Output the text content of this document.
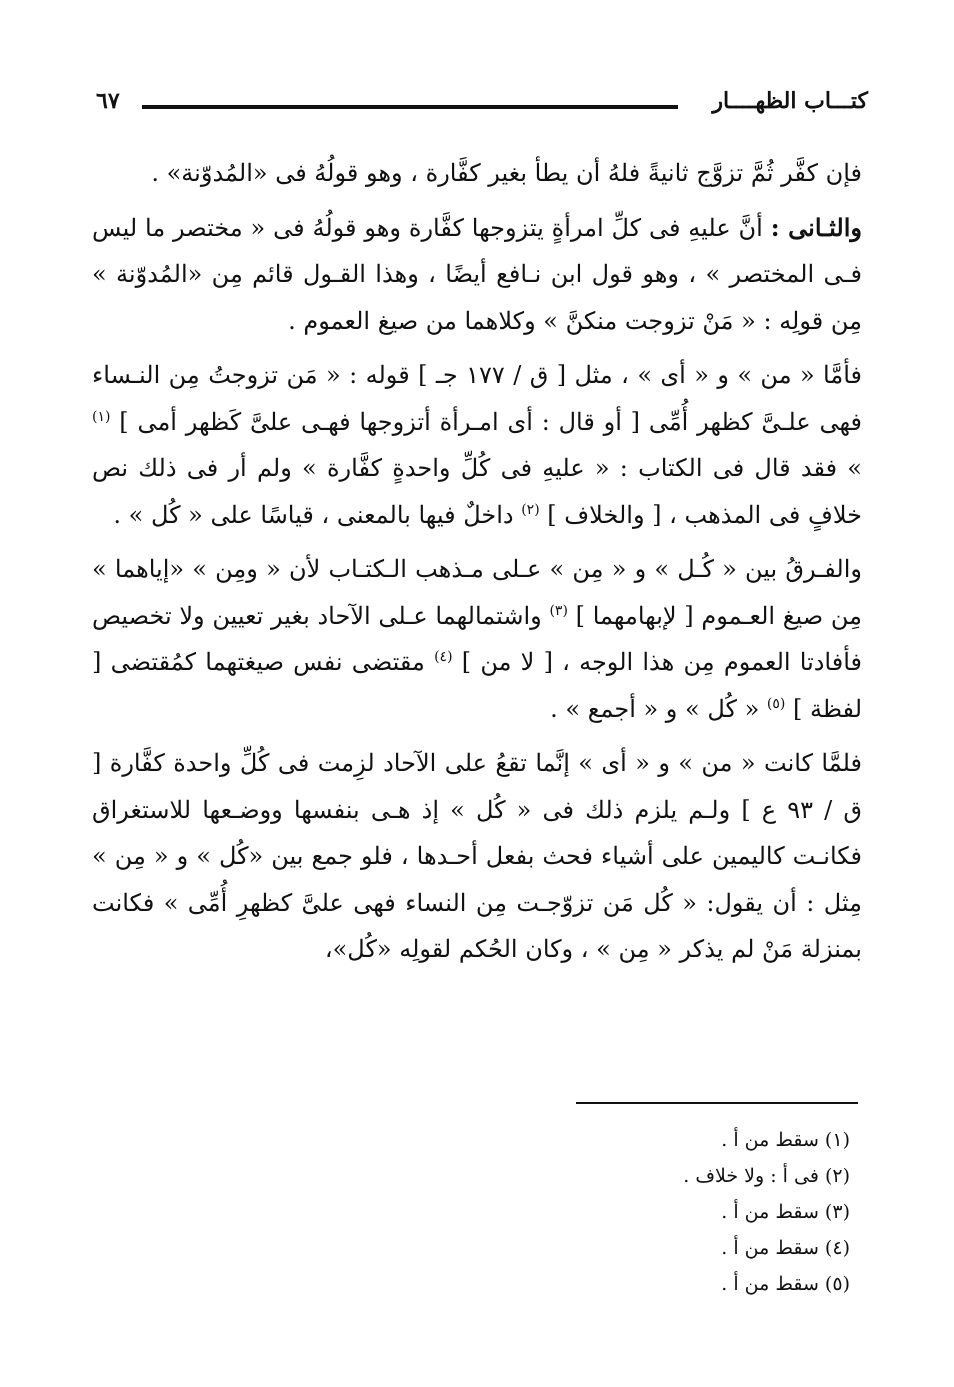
كتـــاب الظهــــار
٦٧

فإن كفَّر ثُمَّ تزوَّج ثانيةً فلهُ أن يطأ بغير كفَّارة ، وهو قولُهُ فى «المُدوّنة» .

والثـانى : أنَّ عليهِ فى كلِّ امرأةٍ يتزوجها كفَّارة وهو قولُهُ فى « مختصر ما ليس فـى المختصر » ، وهو قول ابن نـافع أيضًا ، وهذا القـول قائم مِن «المُدوّنة » مِن قولِه : « مَنْ تزوجت منكنَّ » وكلاهما من صيغ العموم .

فأمَّا « من » و « أى » ، مثل [ ق / ١٧٧ جـ ] قوله : « مَن تزوجتُ مِن النـساء فهى علـىَّ كظهر أُمِّى [ أو قال : أى امـرأة أتزوجها فهـى علىَّ كَظهر أمى ] $^{(١)}$ » فقد قال فى الكتاب : « عليهِ فى كُلِّ واحدةٍ كفَّارة » ولم أر فى ذلك نص خلافٍ فى المذهب ، [ والخلاف ] $^{(٢)}$ داخلٌ فيها بالمعنى ، قياسًا على « كُل » .

والفـرقُ بين « كُـل » و « مِن » عـلى مـذهب الـكتـاب لأن « ومِن » «إياهما » مِن صيغ العـموم [ لإبهامهما ] $^{(٣)}$ واشتمالهما عـلى الآحاد بغير تعيين ولا تخصيص فأفادتا العموم مِن هذا الوجه ، [ لا من ] $^{(٤)}$ مقتضى نفس صيغتهما كمُقتضى [ لفظة ] $^{(٥)}$ « كُل » و « أجمع » .

فلمَّا كانت « من » و « أى » إنَّما تقعُ على الآحاد لزِمت فى كُلِّ واحدة كفَّارة [ ق / ٩٣ ع ] ولـم يلزم ذلك فى « كُل » إذ هـى بنفسها ووضـعها للاستغراق فكانـت كاليمين على أشياء فحث بفعل أحـدها ، فلو جمع بين «كُل » و « مِن » مِثل : أن يقول: « كُل مَن تزوّجـت مِن النساء فهى علىَّ كظهرِ أُمِّى » فكانت بمنزلة مَنْ لم يذكر « مِن » ، وكان الحُكم لقولِه «كُل»،

(١) سقط من أ .
(٢) فى أ : ولا خلاف .
(٣) سقط من أ .
(٤) سقط من أ .
(٥) سقط من أ .
